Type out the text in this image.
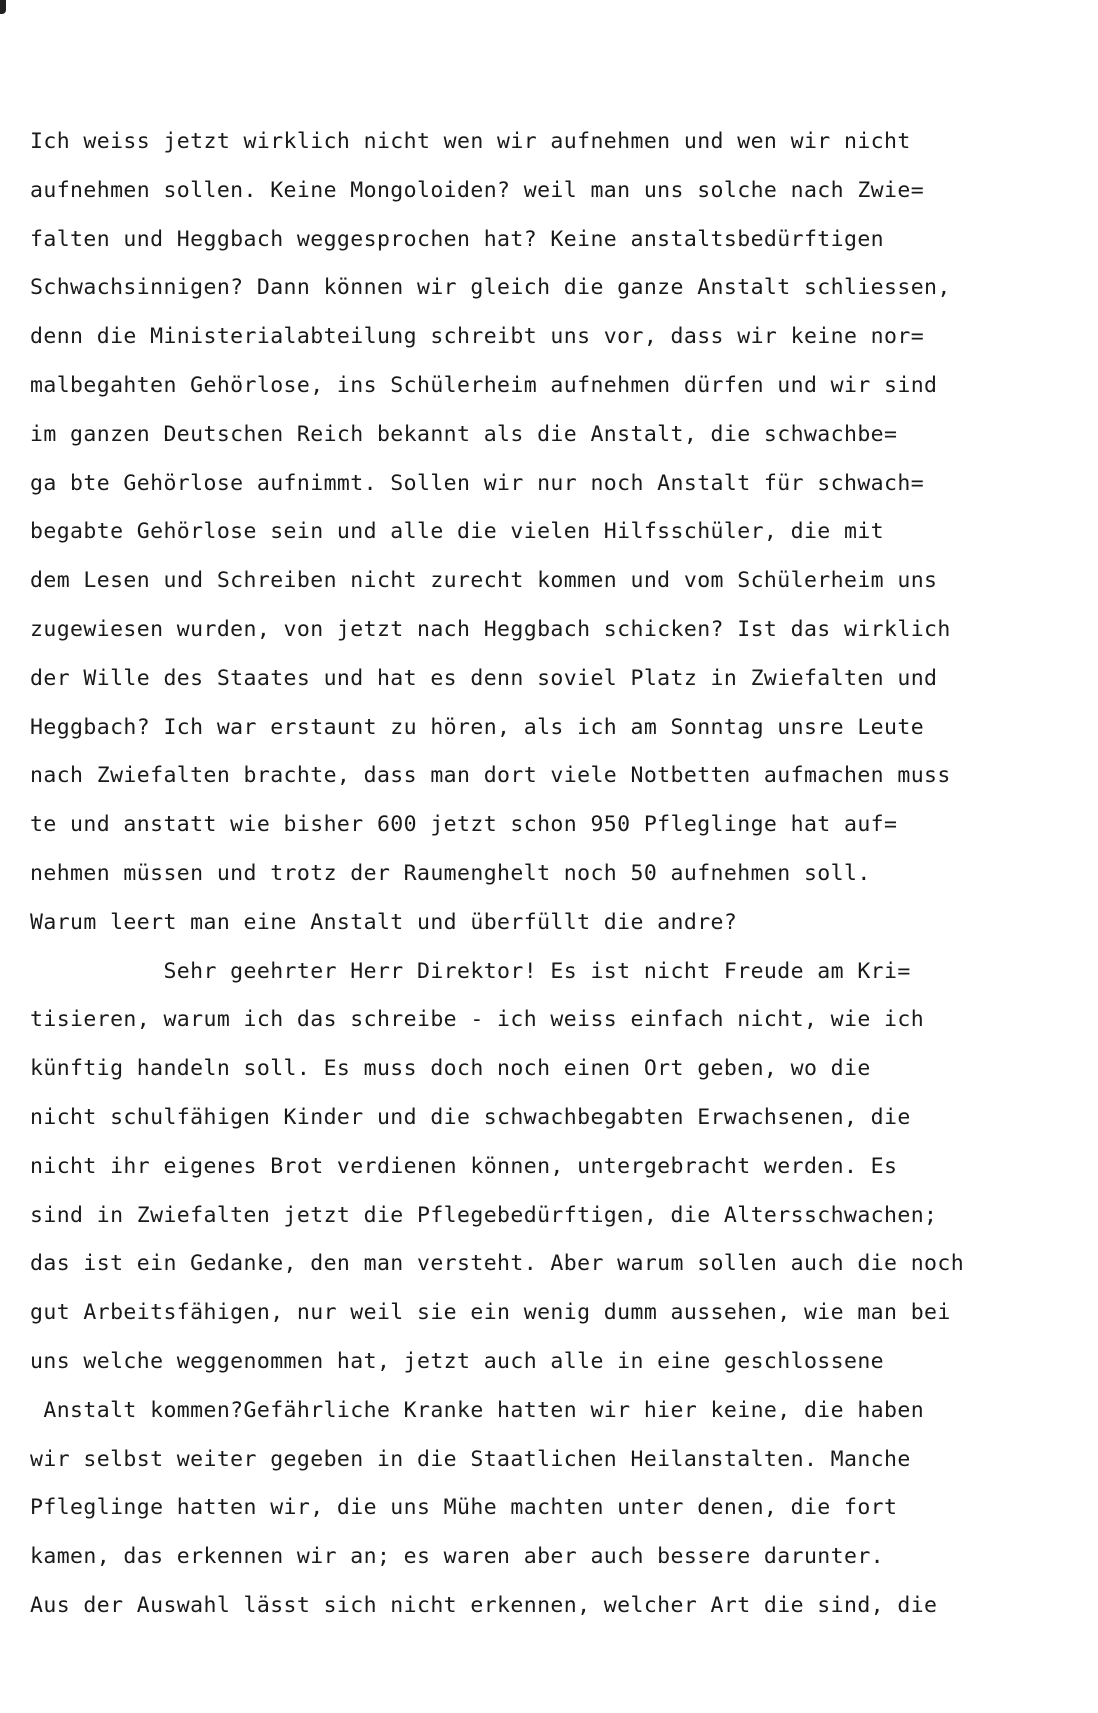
Ich weiss jetzt wirklich nicht wen wir aufnehmen und wen wir nicht
aufnehmen sollen. Keine Mongoloiden? weil man uns solche nach Zwie=
falten und Heggbach weggesprochen hat? Keine anstaltsbedürftigen
Schwachsinnigen? Dann können wir gleich die ganze Anstalt schliessen,
denn die Ministerialabteilung schreibt uns vor, dass wir keine nor=
malbegahten Gehörlose, ins Schülerheim aufnehmen dürfen und wir sind
im ganzen Deutschen Reich bekannt als die Anstalt, die schwachbe=
ga bte Gehörlose aufnimmt. Sollen wir nur noch Anstalt für schwach=
begabte Gehörlose sein und alle die vielen Hilfsschüler, die mit
dem Lesen und Schreiben nicht zurecht kommen und vom Schülerheim uns
zugewiesen wurden, von jetzt nach Heggbach schicken? Ist das wirklich
der Wille des Staates und hat es denn soviel Platz in Zwiefalten und
Heggbach? Ich war erstaunt zu hören, als ich am Sonntag unsre Leute
nach Zwiefalten brachte, dass man dort viele Notbetten aufmachen muss
te und anstatt wie bisher 600 jetzt schon 950 Pfleglinge hat auf=
nehmen müssen und trotz der Raumenghelt noch 50 aufnehmen soll.
Warum leert man eine Anstalt und überfüllt die andre?
Sehr geehrter Herr Direktor! Es ist nicht Freude am Kri=
tisieren, warum ich das schreibe - ich weiss einfach nicht, wie ich
künftig handeln soll. Es muss doch noch einen Ort geben, wo die
nicht schulfähigen Kinder und die schwachbegabten Erwachsenen, die
nicht ihr eigenes Brot verdienen können, untergebracht werden. Es
sind in Zwiefalten jetzt die Pflegebedürftigen, die Altersschwachen;
das ist ein Gedanke, den man versteht. Aber warum sollen auch die noch
gut Arbeitsfähigen, nur weil sie ein wenig dumm aussehen, wie man bei
uns welche weggenommen hat, jetzt auch alle in eine geschlossene
Anstalt kommen?Gefährliche Kranke hatten wir hier keine, die haben
wir selbst weiter gegeben in die Staatlichen Heilanstalten. Manche
Pfleglinge hatten wir, die uns Mühe machten unter denen, die fort
kamen, das erkennen wir an; es waren aber auch bessere darunter.
Aus der Auswahl lässt sich nicht erkennen, welcher Art die sind, die
